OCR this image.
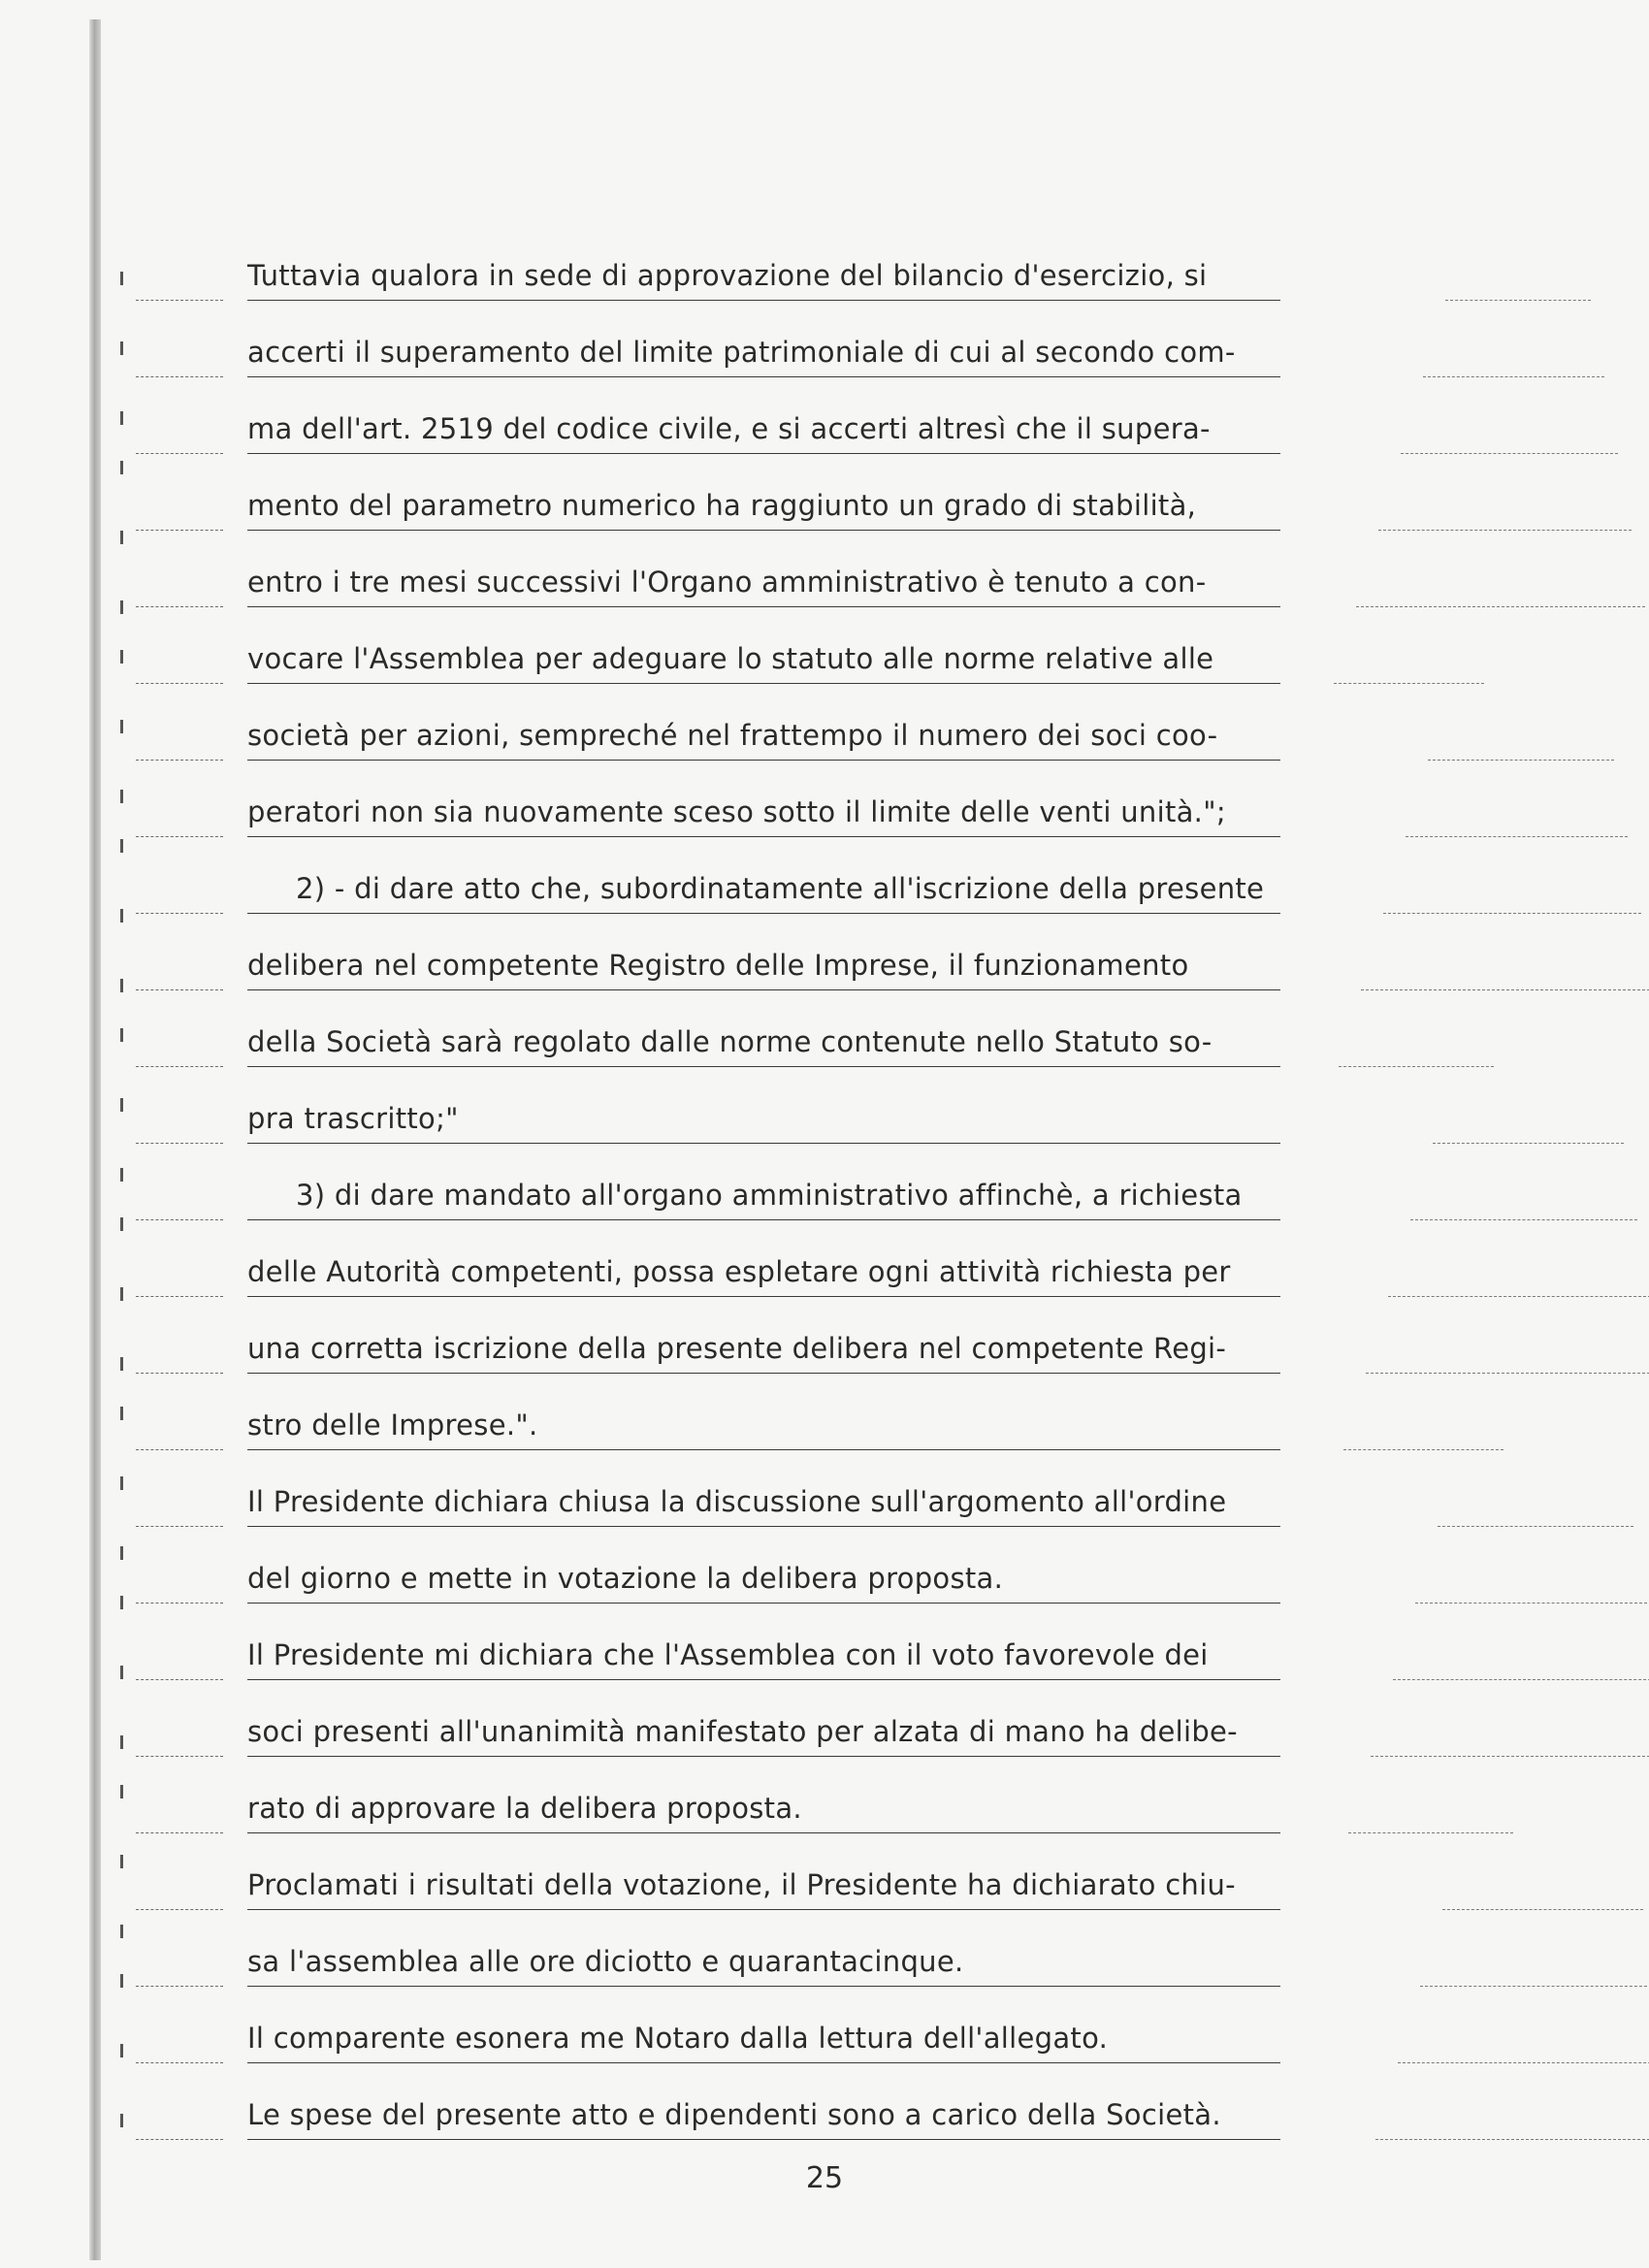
Tuttavia qualora in sede di approvazione del bilancio d'esercizio, si
accerti il superamento del limite patrimoniale di cui al secondo com-
ma dell'art. 2519 del codice civile, e si accerti altresì che il supera-
mento del parametro numerico ha raggiunto un grado di stabilità,
entro i tre mesi successivi l'Organo amministrativo è tenuto a con-
vocare l'Assemblea per adeguare lo statuto alle norme relative alle
società per azioni, sempreché nel frattempo il numero dei soci coo-
peratori non sia nuovamente sceso sotto il limite delle venti unità.";
2) - di dare atto che, subordinatamente all'iscrizione della presente
delibera nel competente Registro delle Imprese, il funzionamento
della Società sarà regolato dalle norme contenute nello Statuto so-
pra trascritto;"
3) di dare mandato all'organo amministrativo affinchè, a richiesta
delle Autorità competenti, possa espletare ogni attività richiesta per
una corretta iscrizione della presente delibera nel competente Regi-
stro delle Imprese.".
Il Presidente dichiara chiusa la discussione sull'argomento all'ordine
del giorno e mette in votazione la delibera proposta.
Il Presidente mi dichiara che l'Assemblea con il voto favorevole dei
soci presenti all'unanimità manifestato per alzata di mano ha delibe-
rato di approvare la delibera proposta.
Proclamati i risultati della votazione, il Presidente ha dichiarato chiu-
sa l'assemblea alle ore diciotto e quarantacinque.
Il comparente esonera me Notaro dalla lettura dell'allegato.
Le spese del presente atto e dipendenti sono a carico della Società.
25
